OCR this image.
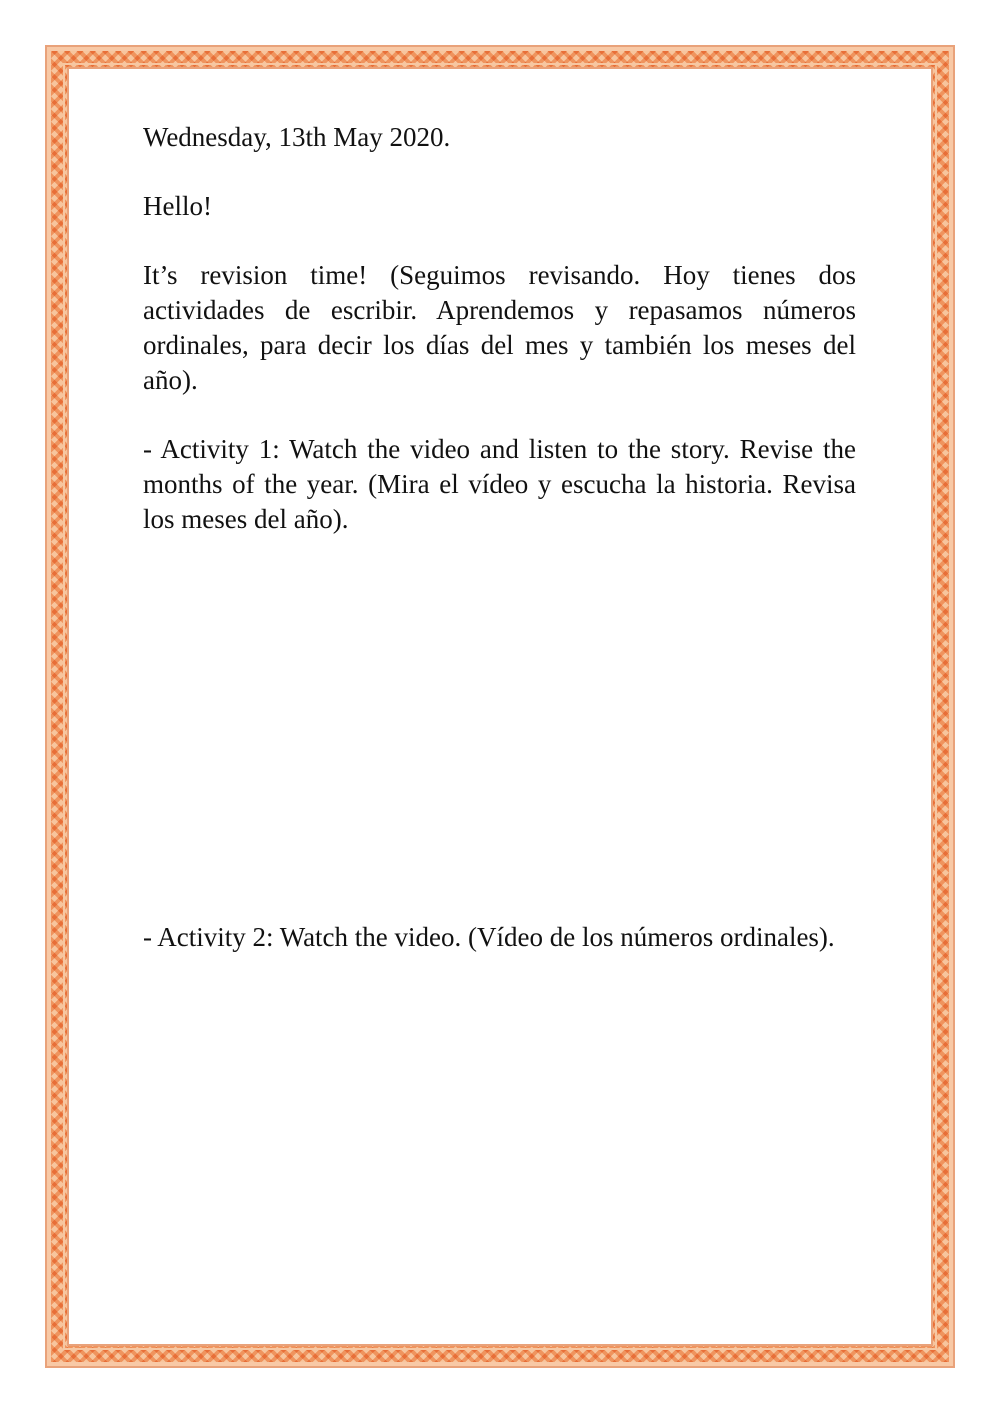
Wednesday, 13th May 2020.

Hello!

It’s revision time! (Seguimos revisando. Hoy tienes dos actividades de escribir. Aprendemos y repasamos números ordinales, para decir los días del mes y también los meses del año).

- Activity 1: Watch the video and listen to the story. Revise the months of the year. (Mira el vídeo y escucha la historia. Revisa los meses del año).

- Activity 2: Watch the video. (Vídeo de los números ordinales).
